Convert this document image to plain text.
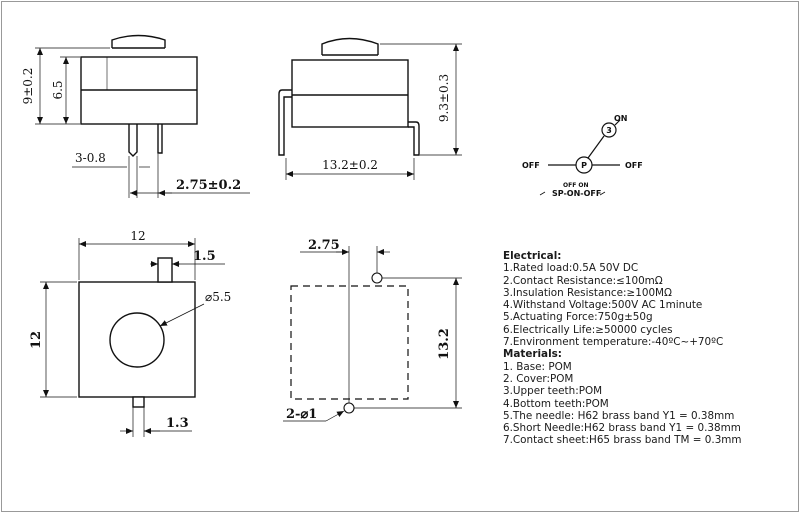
9±0.2 6.5
3-0.8
2.75±0.2
13.2±0.2
9.3±0.3	ON
3
P
OFF	OFF
OFF ON
SP-ON-OFF
12
12
1.5
⌀5.5
1.3
2.75
13.2
2-⌀1
Electrical:
1.Rated load:0.5A 50V DC
2.Contact Resistance:≤100mΩ
3.Insulation Resistance:≥100MΩ
4.Withstand Voltage:500V AC 1minute
5.Actuating Force:750g±50g
6.Electrically Life:≥50000 cycles
7.Environment temperature:-40ºC~+70ºC
Materials:
1. Base: POM
2. Cover:POM
3.Upper teeth:POM
4.Bottom teeth:POM
5.The needle: H62 brass band Y1 = 0.38mm
6.Short Needle:H62 brass band Y1 = 0.38mm
7.Contact sheet:H65 brass band TM = 0.3mm
